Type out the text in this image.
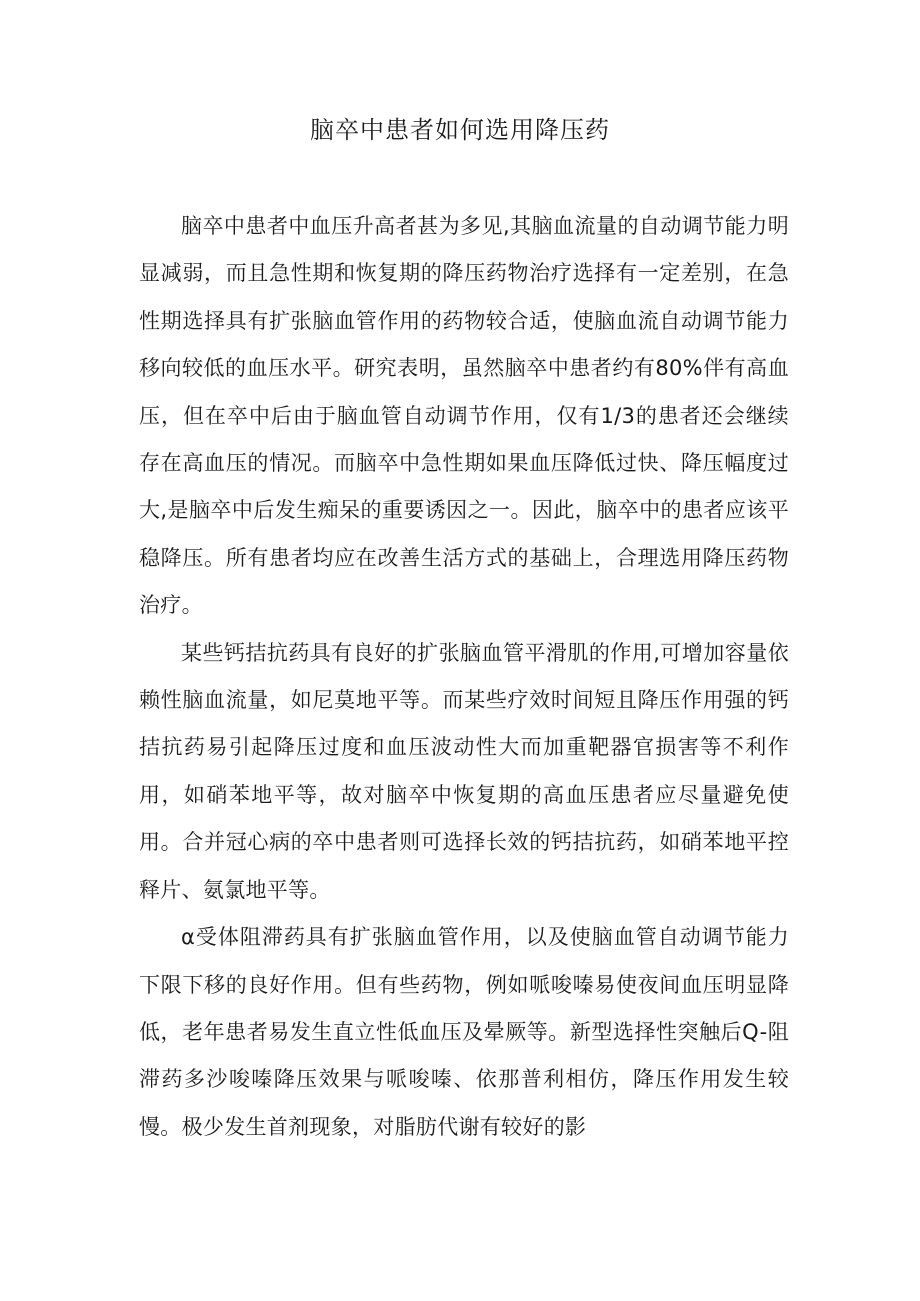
脑卒中患者如何选用降压药

脑卒中患者中血压升高者甚为多见,其脑血流量的自动调节能力明显减弱，而且急性期和恢复期的降压药物治疗选择有一定差别，在急性期选择具有扩张脑血管作用的药物较合适，使脑血流自动调节能力移向较低的血压水平。研究表明，虽然脑卒中患者约有80%伴有高血压，但在卒中后由于脑血管自动调节作用，仅有1/3的患者还会继续存在高血压的情况。而脑卒中急性期如果血压降低过快、降压幅度过大,是脑卒中后发生痴呆的重要诱因之一。因此，脑卒中的患者应该平稳降压。所有患者均应在改善生活方式的基础上，合理选用降压药物治疗。

某些钙拮抗药具有良好的扩张脑血管平滑肌的作用,可增加容量依赖性脑血流量，如尼莫地平等。而某些疗效时间短且降压作用强的钙拮抗药易引起降压过度和血压波动性大而加重靶器官损害等不利作用，如硝苯地平等，故对脑卒中恢复期的高血压患者应尽量避免使用。合并冠心病的卒中患者则可选择长效的钙拮抗药，如硝苯地平控释片、氨氯地平等。

α受体阻滞药具有扩张脑血管作用，以及使脑血管自动调节能力下限下移的良好作用。但有些药物，例如哌唆嗪易使夜间血压明显降低，老年患者易发生直立性低血压及晕厥等。新型选择性突触后Q-阻滞药多沙唆嗪降压效果与哌唆嗪、依那普利相仿，降压作用发生较慢。极少发生首剂现象，对脂肪代谢有较好的影
